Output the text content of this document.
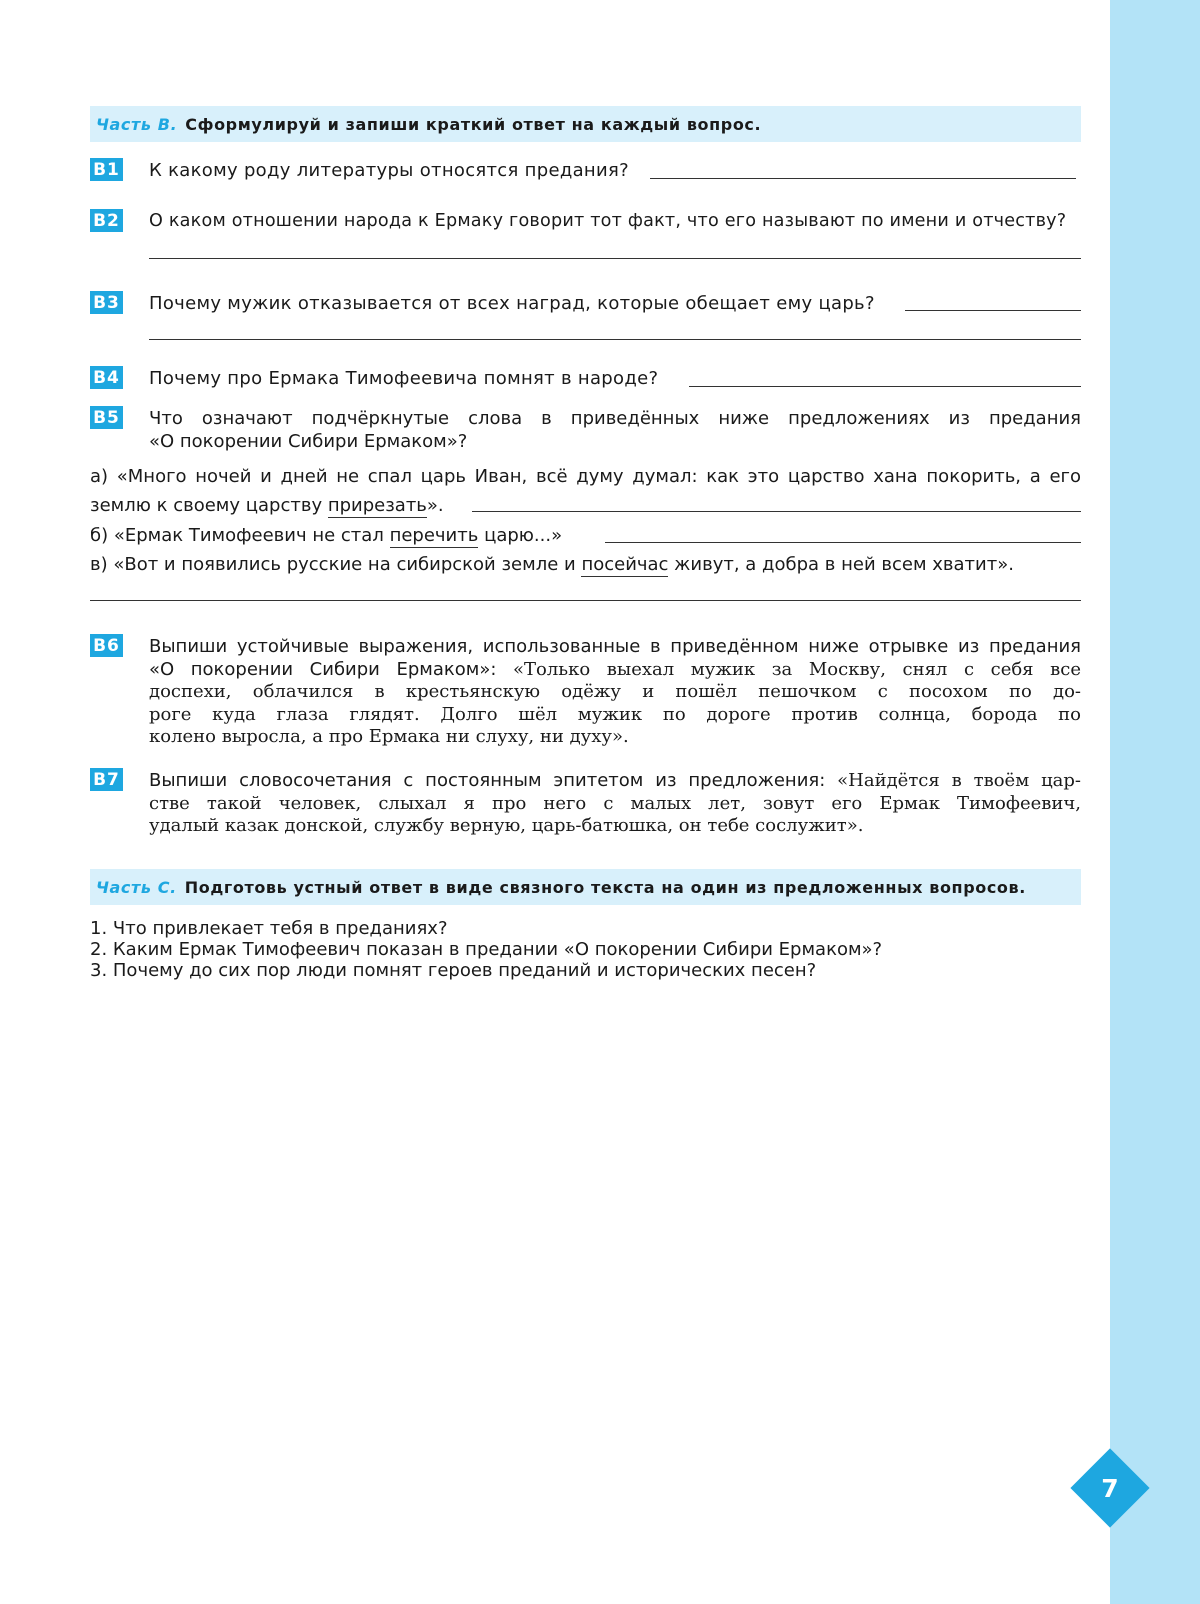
7
Часть B. Сформулируй и запиши краткий ответ на каждый вопрос.
B1 К какому роду литературы относятся предания?
B2 О каком отношении народа к Ермаку говорит тот факт, что его называют по имени и отчеству?
B3 Почему мужик отказывается от всех наград, которые обещает ему царь?
B4 Почему про Ермака Тимофеевича помнят в народе?
B5 Что означают подчёркнутые слова в приведённых ниже предложениях из предания
«О покорении Сибири Ермаком»?
а) «Много ночей и дней не спал царь Иван, всё думу думал: как это царство хана покорить, а его
землю к своему царству прирезать».
б) «Ермак Тимофеевич не стал перечить царю...»
в) «Вот и появились русские на сибирской земле и посейчас живут, а добра в ней всем хватит».
B6 Выпиши устойчивые выражения, использованные в приведённом ниже отрывке из предания
«О покорении Сибири Ермаком»: «Только выехал мужик за Москву, снял с себя все
доспехи, облачился в крестьянскую одёжу и пошёл пешочком с посохом по до-
роге куда глаза глядят. Долго шёл мужик по дороге против солнца, борода по
колено выросла, а про Ермака ни слуху, ни духу».
B7 Выпиши словосочетания с постоянным эпитетом из предложения: «Найдётся в твоём цар-
стве такой человек, слыхал я про него с малых лет, зовут его Ермак Тимофеевич,
удалый казак донской, службу верную, царь-батюшка, он тебе сослужит».
Часть C. Подготовь устный ответ в виде связного текста на один из предложенных вопросов.
1. Что привлекает тебя в преданиях?
2. Каким Ермак Тимофеевич показан в предании «О покорении Сибири Ермаком»?
3. Почему до сих пор люди помнят героев преданий и исторических песен?
